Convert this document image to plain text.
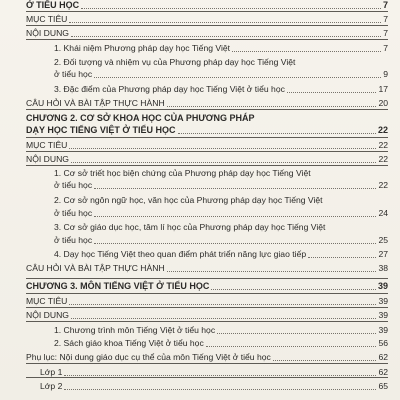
Ở TIỂU HỌC	7
MỤC TIÊU	7
NỘI DUNG	7
1. Khái niệm Phương pháp dạy học Tiếng Việt	7
2. Đối tượng và nhiệm vụ của Phương pháp dạy học Tiếng Việt
ở tiểu học	9
3. Đặc điểm của Phương pháp dạy học Tiếng Việt ở tiểu học	17
CÂU HỎI VÀ BÀI TẬP THỰC HÀNH	20
CHƯƠNG 2. CƠ SỞ KHOA HỌC CỦA PHƯƠNG PHÁP
DẠY HỌC TIẾNG VIỆT Ở TIỂU HỌC	22
MỤC TIÊU	22
NỘI DUNG	22
1. Cơ sở triết học biện chứng của Phương pháp dạy học Tiếng Việt
ở tiểu học	22
2. Cơ sở ngôn ngữ học, văn học của Phương pháp dạy học Tiếng Việt
ở tiểu học	24
3. Cơ sở giáo dục học, tâm lí học của Phương pháp dạy học Tiếng Việt
ở tiểu học	25
4. Dạy học Tiếng Việt theo quan điểm phát triển năng lực giao tiếp	27
CÂU HỎI VÀ BÀI TẬP THỰC HÀNH	38
CHƯƠNG 3. MÔN TIẾNG VIỆT Ở TIỂU HỌC	39
MỤC TIÊU	39
NỘI DUNG	39
1. Chương trình môn Tiếng Việt ở tiểu học	39
2. Sách giáo khoa Tiếng Việt ở tiểu học	56
Phụ lục: Nội dung giáo dục cụ thể của môn Tiếng Việt ở tiểu học	62
Lớp 1	62
Lớp 2	65
